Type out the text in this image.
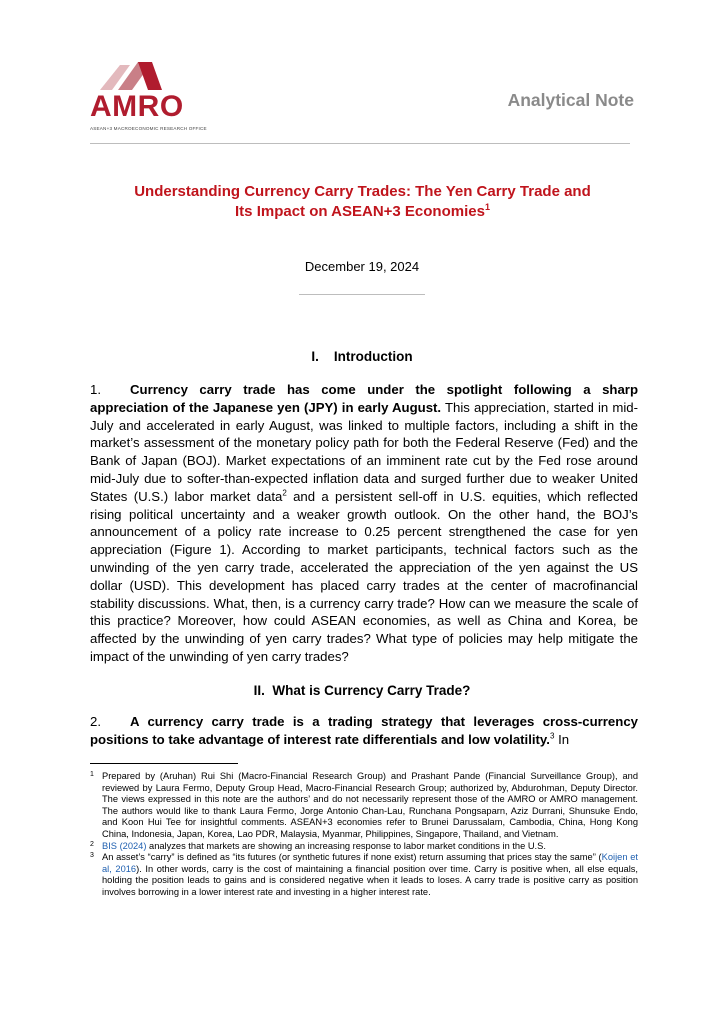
AMRO
ASEAN+3 MACROECONOMIC RESEARCH OFFICE
Analytical Note
Understanding Currency Carry Trades: The Yen Carry Trade and
Its Impact on ASEAN+3 Economies$^1$
December 19, 2024
I.    Introduction
1. Currency carry trade has come under the spotlight following a sharp appreciation of the Japanese yen (JPY) in early August. This appreciation, started in mid-July and accelerated in early August, was linked to multiple factors, including a shift in the market’s assessment of the monetary policy path for both the Federal Reserve (Fed) and the Bank of Japan (BOJ). Market expectations of an imminent rate cut by the Fed rose around mid-July due to softer-than-expected inflation data and surged further due to weaker United States (U.S.) labor market data$^2$ and a persistent sell-off in U.S. equities, which reflected rising political uncertainty and a weaker growth outlook. On the other hand, the BOJ’s announcement of a policy rate increase to 0.25 percent strengthened the case for yen appreciation (Figure 1). According to market participants, technical factors such as the unwinding of the yen carry trade, accelerated the appreciation of the yen against the US dollar (USD). This development has placed carry trades at the center of macrofinancial stability discussions. What, then, is a currency carry trade? How can we measure the scale of this practice? Moreover, how could ASEAN economies, as well as China and Korea, be affected by the unwinding of yen carry trades? What type of policies may help mitigate the impact of the unwinding of yen carry trades?
II.  What is Currency Carry Trade?
2. A currency carry trade is a trading strategy that leverages cross-currency positions to take advantage of interest rate differentials and low volatility.$^3$ In
1 Prepared by (Aruhan) Rui Shi (Macro-Financial Research Group) and Prashant Pande (Financial Surveillance Group), and reviewed by Laura Fermo, Deputy Group Head, Macro-Financial Research Group; authorized by, Abdurohman, Deputy Director. The views expressed in this note are the authors’ and do not necessarily represent those of the AMRO or AMRO management. The authors would like to thank Laura Fermo, Jorge Antonio Chan-Lau, Runchana Pongsaparn, Aziz Durrani, Shunsuke Endo, and Koon Hui Tee for insightful comments. ASEAN+3 economies refer to Brunei Darussalam, Cambodia, China, Hong Kong China, Indonesia, Japan, Korea, Lao PDR, Malaysia, Myanmar, Philippines, Singapore, Thailand, and Vietnam.
2 BIS (2024) analyzes that markets are showing an increasing response to labor market conditions in the U.S.
3 An asset’s “carry” is defined as “its futures (or synthetic futures if none exist) return assuming that prices stay the same” (Koijen et al, 2016). In other words, carry is the cost of maintaining a financial position over time. Carry is positive when, all else equals, holding the position leads to gains and is considered negative when it leads to loses. A carry trade is positive carry as position involves borrowing in a lower interest rate and investing in a higher interest rate.
